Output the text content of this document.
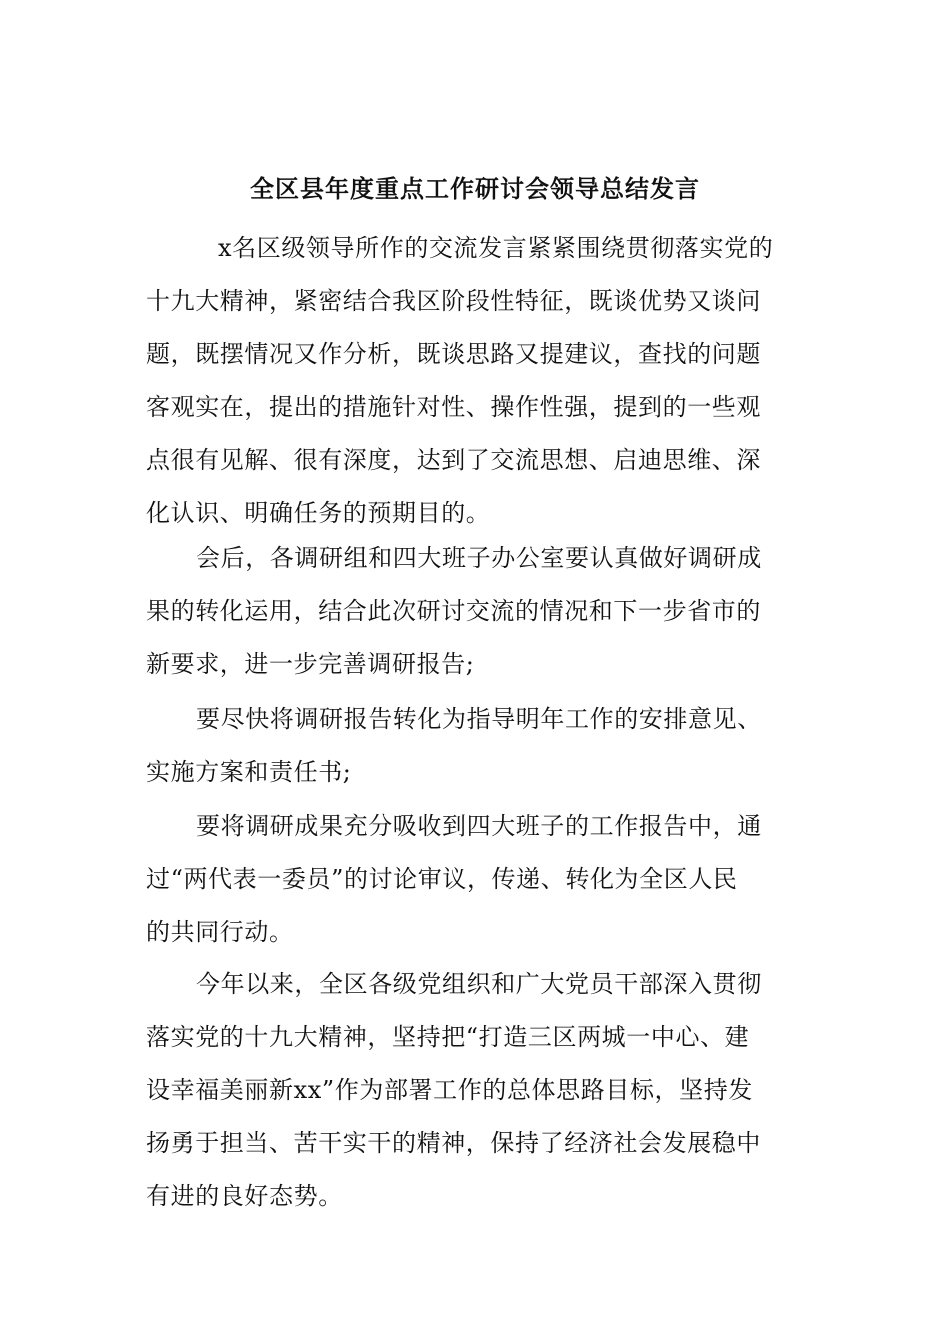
全区县年度重点工作研讨会领导总结发言
x名区级领导所作的交流发言紧紧围绕贯彻落实党的
十九大精神，紧密结合我区阶段性特征，既谈优势又谈问
题，既摆情况又作分析，既谈思路又提建议，查找的问题
客观实在，提出的措施针对性、操作性强，提到的一些观
点很有见解、很有深度，达到了交流思想、启迪思维、深
化认识、明确任务的预期目的。
会后，各调研组和四大班子办公室要认真做好调研成
果的转化运用，结合此次研讨交流的情况和下一步省市的
新要求，进一步完善调研报告;
要尽快将调研报告转化为指导明年工作的安排意见、
实施方案和责任书;
要将调研成果充分吸收到四大班子的工作报告中，通
过“两代表一委员”的讨论审议，传递、转化为全区人民
的共同行动。
今年以来，全区各级党组织和广大党员干部深入贯彻
落实党的十九大精神，坚持把“打造三区两城一中心、建
设幸福美丽新xx”作为部署工作的总体思路目标，坚持发
扬勇于担当、苦干实干的精神，保持了经济社会发展稳中
有进的良好态势。
